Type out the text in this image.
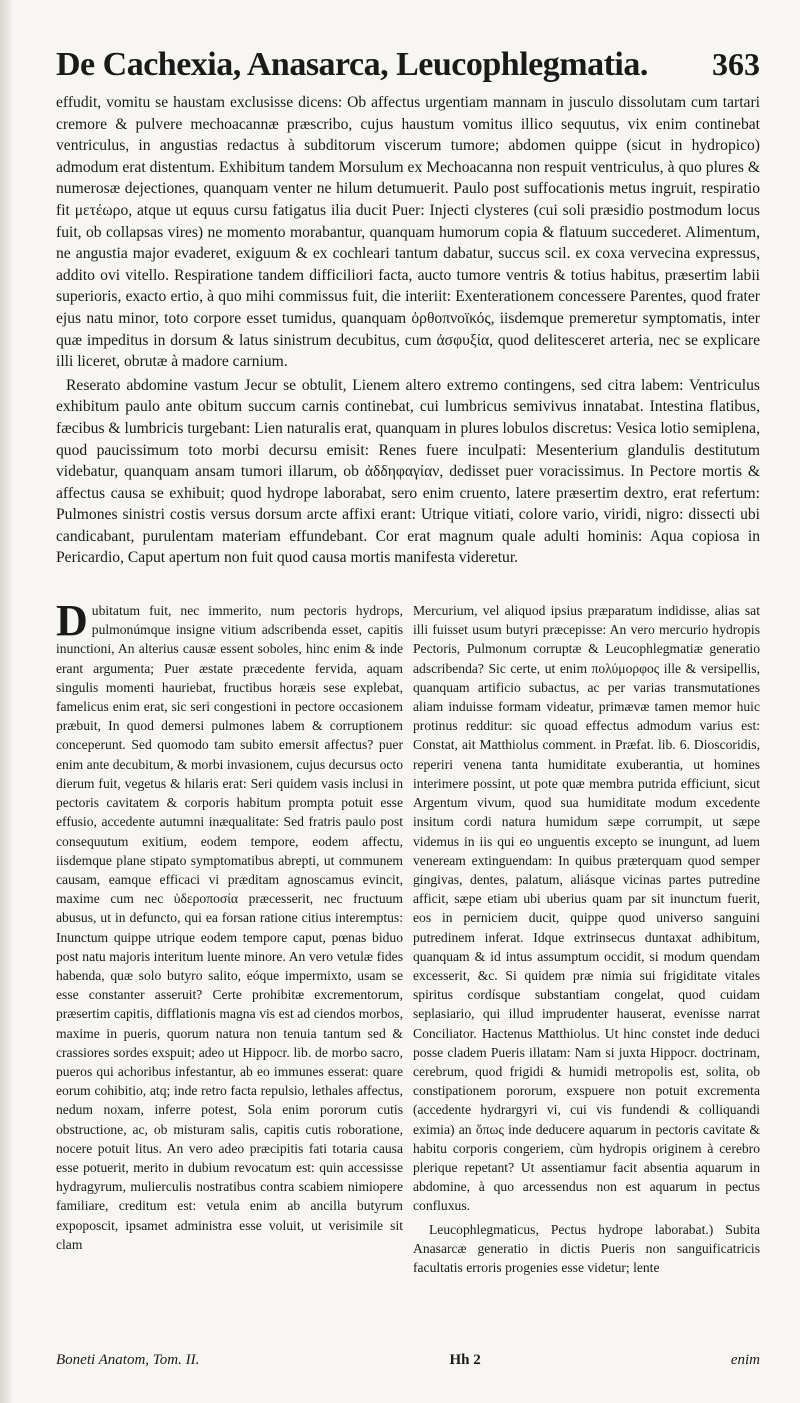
De Cachexia, Anasarca, Leucophlegmatia. 363

effudit, vomitu se haustam exclusisse dicens: Ob affectus urgentiam mannam in jusculo dissolutam cum tartari cremore & pulvere mechoacannæ præscribo, cujus haustum vomitus illico sequutus, vix enim continebat ventriculus, in angustias redactus à subditorum viscerum tumore; abdomen quippe (sicut in hydropico) admodum erat distentum. Exhibitum tandem Morsulum ex Mechoacanna non respuit ventriculus, à quo plures & numerosæ dejectiones, quanquam venter ne hilum detumuerit. Paulo post suffocationis metus ingruit, respiratio fit μετέωρο, atque ut equus cursu fatigatus ilia ducit Puer: Injecti clysteres (cui soli præsidio postmodum locus fuit, ob collapsas vires) ne momento morabantur, quanquam humorum copia & flatuum succederet. Alimentum, ne angustia major evaderet, exiguum & ex cochleari tantum dabatur, succus scil. ex coxa vervecina expressus, addito ovi vitello. Respiratione tandem difficiliori facta, aucto tumore ventris & totius habitus, præsertim labii superioris, exacto ertio, à quo mihi commissus fuit, die interiit: Exenterationem concessere Parentes, quod frater ejus natu minor, toto corpore esset tumidus, quanquam ὀρθοπνοϊκός, iisdemque premeretur symptomatis, inter quæ impeditus in dorsum & latus sinistrum decubitus, cum ἀσφυξία, quod delitesceret arteria, nec se explicare illi liceret, obrutæ à madore carnium.

Reserato abdomine vastum Jecur se obtulit, Lienem altero extremo contingens, sed citra labem: Ventriculus exhibitum paulo ante obitum succum carnis continebat, cui lumbricus semivivus innatabat. Intestina flatibus, fæcibus & lumbricis turgebant: Lien naturalis erat, quanquam in plures lobulos discretus: Vesica lotio semiplena, quod paucissimum toto morbi decursu emisit: Renes fuere inculpati: Mesenterium glandulis destitutum videbatur, quanquam ansam tumori illarum, ob ἀδδηφαγίαν, dedisset puer voracissimus. In Pectore mortis & affectus causa se exhibuit; quod hydrope laborabat, sero enim cruento, latere præsertim dextro, erat refertum: Pulmones sinistri costis versus dorsum arcte affixi erant: Utrique vitiati, colore vario, viridi, nigro: dissecti ubi candicabant, purulentam materiam effundebant. Cor erat magnum quale adulti hominis: Aqua copiosa in Pericardio, Caput apertum non fuit quod causa mortis manifesta videretur.

Dubitatum fuit, nec immerito, num pectoris hydrops, pulmonúmque insigne vitium adscribenda esset, capitis inunctioni, An alterius causæ essent soboles, hinc enim & inde erant argumenta; Puer æstate præcedente fervida, aquam singulis momenti hauriebat, fructibus horæis sese explebat, famelicus enim erat, sic seri congestioni in pectore occasionem præbuit, In quod demersi pulmones labem & corruptionem conceperunt. Sed quomodo tam subito emersit affectus? puer enim ante decubitum, & morbi invasionem, cujus decursus octo dierum fuit, vegetus & hilaris erat: Seri quidem vasis inclusi in pectoris cavitatem & corporis habitum prompta potuit esse effusio, accedente autumni inæqualitate: Sed fratris paulo post consequutum exitium, eodem tempore, eodem affectu, iisdemque plane stipato symptomatibus abrepti, ut communem causam, eamque efficaci vi præditam agnoscamus evincit, maxime cum nec ὑδεροποσία præcesserit, nec fructuum abusus, ut in defuncto, qui ea forsan ratione citius interemptus: Inunctum quippe utrique eodem tempore caput, pœnas biduo post natu majoris interitum luente minore. An vero vetulæ fides habenda, quæ solo butyro salito, eóque impermixto, usam se esse constanter asseruit? Certe prohibitæ excrementorum, præsertim capitis, difflationis magna vis est ad ciendos morbos, maxime in pueris, quorum natura non tenuia tantum sed & crassiores sordes exspuit; adeo ut Hippocr. lib. de morbo sacro, pueros qui achoribus infestantur, ab eo immunes esserat: quare eorum cohibitio, atq; inde retro facta repulsio, lethales affectus, nedum noxam, inferre potest, Sola enim pororum cutis obstructione, ac, ob misturam salis, capitis cutis roboratione, nocere potuit litus. An vero adeo præcipitis fati totaria causa esse potuerit, merito in dubium revocatum est: quin accessisse hydragyrum, mulierculis nostratibus contra scabiem nimiopere familiare, creditum est: vetula enim ab ancilla butyrum expoposcit, ipsamet administra esse voluit, ut verisimile sit clam

Mercurium, vel aliquod ipsius præparatum indidisse, alias sat illi fuisset usum butyri præcepisse: An vero mercurio hydropis Pectoris, Pulmonum corruptæ & Leucophlegmatiæ generatio adscribenda? Sic certe, ut enim πολύμορφος ille & versipellis, quanquam artificio subactus, ac per varias transmutationes aliam induisse formam videatur, primævæ tamen memor huic protinus redditur: sic quoad effectus admodum varius est: Constat, ait Matthiolus comment. in Præfat. lib. 6. Dioscoridis, reperiri venena tanta humiditate exuberantia, ut homines interimere possint, ut pote quæ membra putrida efficiunt, sicut Argentum vivum, quod sua humiditate modum excedente insitum cordi natura humidum sæpe corrumpit, ut sæpe videmus in iis qui eo unguentis excepto se inungunt, ad luem veneream extinguendam: In quibus præterquam quod semper gingivas, dentes, palatum, aliásque vicinas partes putredine afficit, sæpe etiam ubi uberius quam par sit inunctum fuerit, eos in perniciem ducit, quippe quod universo sanguini putredinem inferat. Idque extrinsecus duntaxat adhibitum, quanquam & id intus assumptum occidit, si modum quendam excesserit, &c. Si quidem præ nimia sui frigiditate vitales spiritus cordísque substantiam congelat, quod cuidam seplasiario, qui illud imprudenter hauserat, evenisse narrat Conciliator. Hactenus Matthiolus. Ut hinc constet inde deduci posse cladem Pueris illatam: Nam si juxta Hippocr. doctrinam, cerebrum, quod frigidi & humidi metropolis est, solita, ob constipationem pororum, exspuere non potuit excrementa (accedente hydrargyri vi, cui vis fundendi & colliquandi eximia) an ὅπως inde deducere aquarum in pectoris cavitate & habitu corporis congeriem, cùm hydropis originem à cerebro plerique repetant? Ut assentiamur facit absentia aquarum in abdomine, à quo arcessendus non est aquarum in pectus confluxus.

Leucophlegmaticus, Pectus hydrope laborabat.) Subita Anasarcæ generatio in dictis Pueris non sanguificatricis facultatis erroris progenies esse videtur; lente

Boneti Anatom, Tom. II.	Hh 2	enim
